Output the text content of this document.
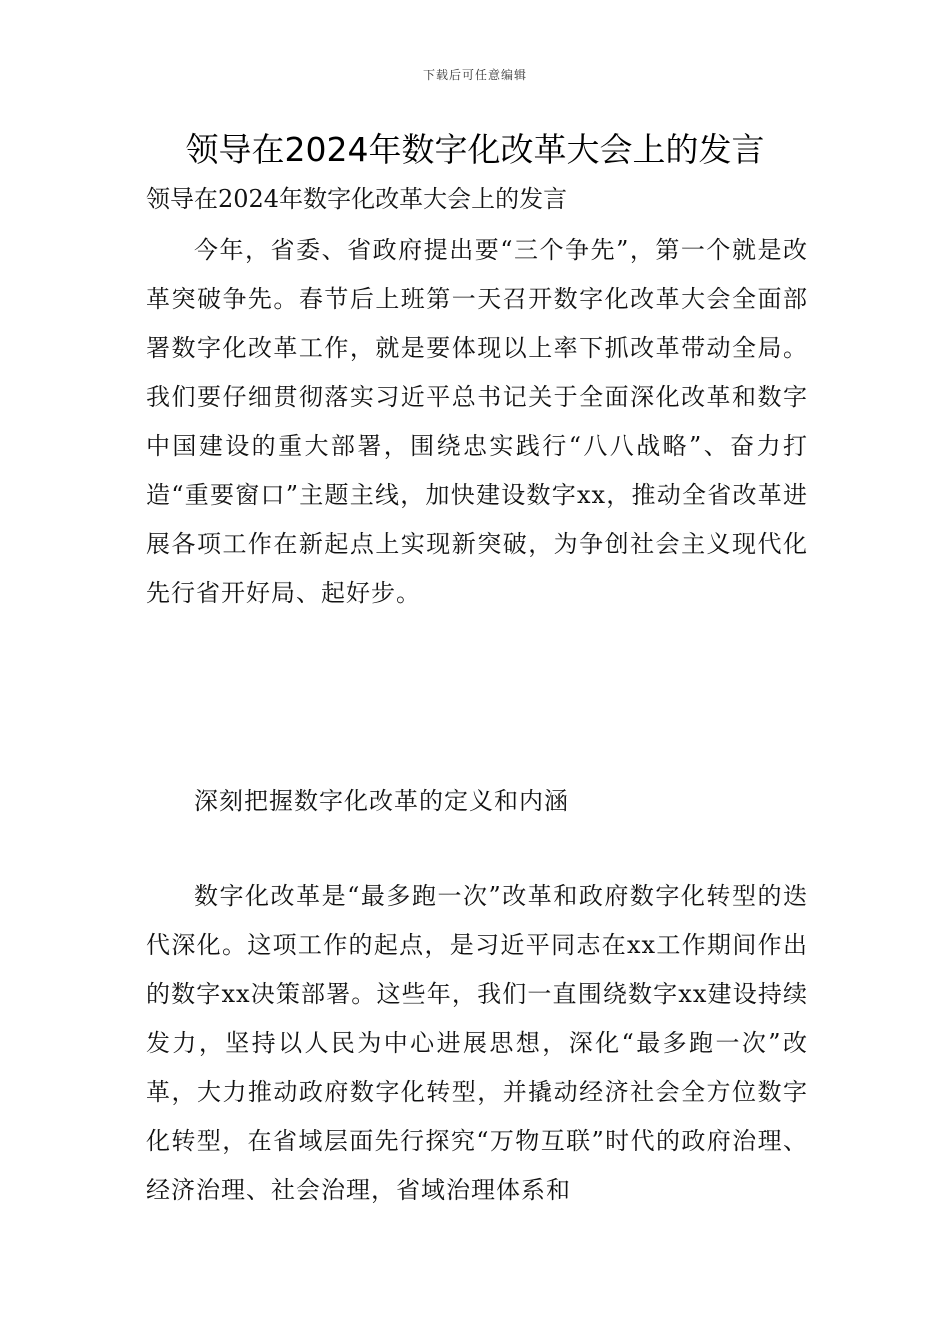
下载后可任意编辑
领导在2024年数字化改革大会上的发言

领导在2024年数字化改革大会上的发言

今年，省委、省政府提出要“三个争先”，第一个就是改革突破争先。春节后上班第一天召开数字化改革大会全面部署数字化改革工作，就是要体现以上率下抓改革带动全局。我们要仔细贯彻落实习近平总书记关于全面深化改革和数字中国建设的重大部署，围绕忠实践行“八八战略”、奋力打造“重要窗口”主题主线，加快建设数字xx，推动全省改革进展各项工作在新起点上实现新突破，为争创社会主义现代化先行省开好局、起好步。

深刻把握数字化改革的定义和内涵

数字化改革是“最多跑一次”改革和政府数字化转型的迭代深化。这项工作的起点，是习近平同志在xx工作期间作出的数字xx决策部署。这些年，我们一直围绕数字xx建设持续发力，坚持以人民为中心进展思想，深化“最多跑一次”改革，大力推动政府数字化转型，并撬动经济社会全方位数字化转型，在省域层面先行探究“万物互联”时代的政府治理、经济治理、社会治理，省域治理体系和
